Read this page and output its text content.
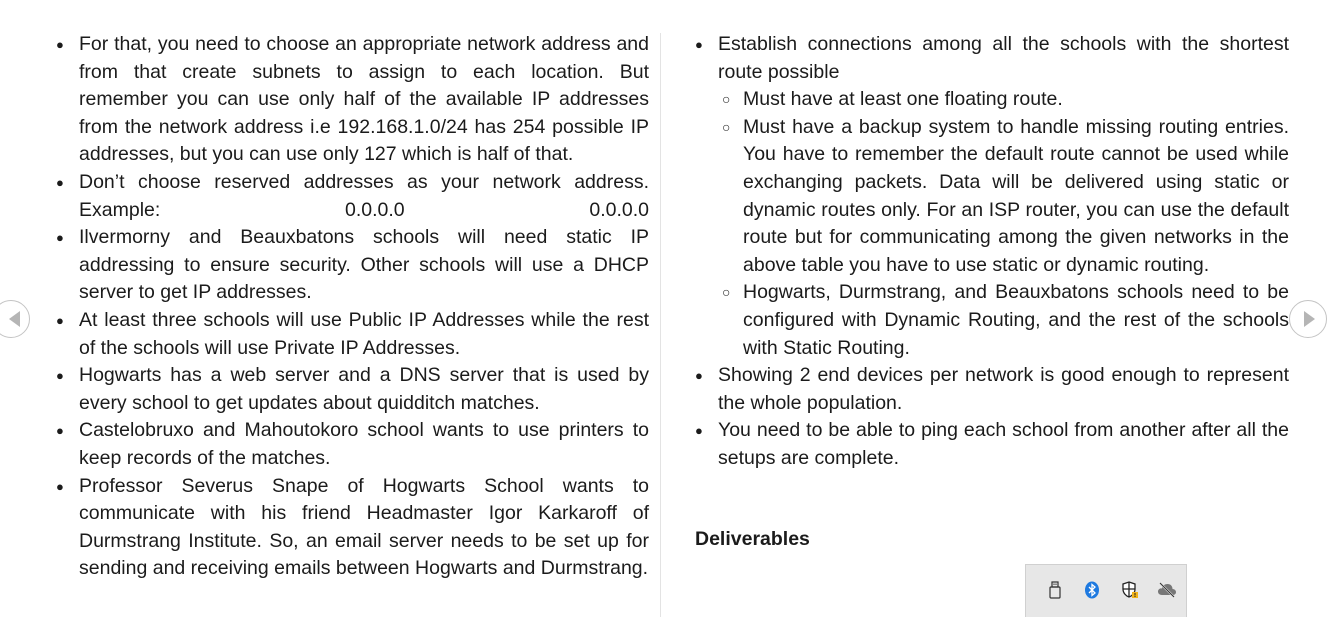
● For that, you need to choose an appropriate network address and from that create subnets to assign to each location. But remember you can use only half of the available IP addresses from the network address i.e 192.168.1.0/24 has 254 possible IP addresses, but you can use only 127 which is half of that.
● Don’t choose reserved addresses as your network address. Example: 0.0.0.0 0.0.0.0
● Ilvermorny and Beauxbatons schools will need static IP addressing to ensure security. Other schools will use a DHCP server to get IP addresses.
● At least three schools will use Public IP Addresses while the rest of the schools will use Private IP Addresses.
● Hogwarts has a web server and a DNS server that is used by every school to get updates about quidditch matches.
● Castelobruxo and Mahoutokoro school wants to use printers to keep records of the matches.
● Professor Severus Snape of Hogwarts School wants to communicate with his friend Headmaster Igor Karkaroff of Durmstrang Institute. So, an email server needs to be set up for sending and receiving emails between Hogwarts and Durmstrang.
● Establish connections among all the schools with the shortest route possible
○ Must have at least one floating route.
○ Must have a backup system to handle missing routing entries. You have to remember the default route cannot be used while exchanging packets. Data will be delivered using static or dynamic routes only. For an ISP router, you can use the default route but for communicating among the given networks in the above table you have to use static or dynamic routing.
○ Hogwarts, Durmstrang, and Beauxbatons schools need to be configured with Dynamic Routing, and the rest of the schools with Static Routing.
● Showing 2 end devices per network is good enough to represent the whole population.
● You need to be able to ping each school from another after all the setups are complete.
Deliverables
